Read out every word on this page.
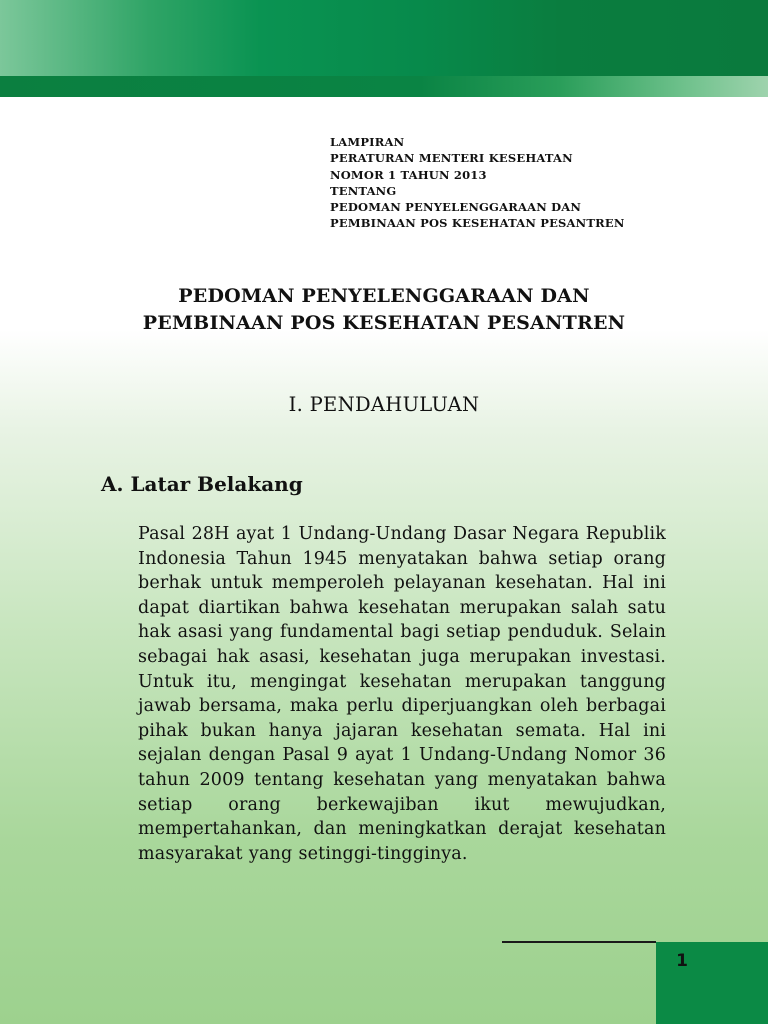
LAMPIRAN
PERATURAN MENTERI KESEHATAN
NOMOR 1 TAHUN 2013
TENTANG
PEDOMAN PENYELENGGARAAN DAN
PEMBINAAN POS KESEHATAN PESANTREN
PEDOMAN PENYELENGGARAAN DAN
PEMBINAAN POS KESEHATAN PESANTREN
I. PENDAHULUAN
A. Latar Belakang
Pasal 28H ayat 1 Undang-Undang Dasar Negara Republik Indonesia Tahun 1945 menyatakan bahwa setiap orang berhak untuk memperoleh pelayanan kesehatan. Hal ini dapat diartikan bahwa kesehatan merupakan salah satu hak asasi yang fundamental bagi setiap penduduk. Selain sebagai hak asasi, kesehatan juga merupakan investasi. Untuk itu, mengingat kesehatan merupakan tanggung jawab bersama, maka perlu diperjuangkan oleh berbagai pihak bukan hanya jajaran kesehatan semata. Hal ini sejalan dengan Pasal 9 ayat 1 Undang-Undang Nomor 36 tahun 2009 tentang kesehatan yang menyatakan bahwa setiap orang berkewajiban ikut mewujudkan, mempertahankan, dan meningkatkan derajat kesehatan masyarakat yang setinggi-tingginya.
1
